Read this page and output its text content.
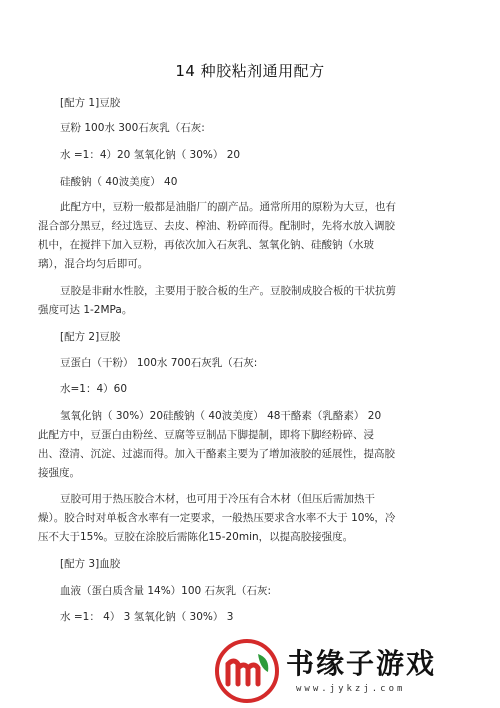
14 种胶粘剂通用配方
[配方 1]豆胶
豆粉 100水 300石灰乳（石灰:
水 =1：4）20 氢氧化钠（ 30%） 20
硅酸钠（ 40波美度） 40
此配方中，豆粉一般都是油脂厂的副产品。通常所用的原粉为大豆，也有
混合部分黑豆，经过选豆、去皮、榨油、粉碎而得。配制时，先将水放入调胶
机中，在搅拌下加入豆粉，再依次加入石灰乳、氢氧化钠、硅酸钠（水玻
璃），混合均匀后即可。
豆胶是非耐水性胶，主要用于胶合板的生产。豆胶制成胶合板的干状抗剪
强度可达 1-2MPa。
[配方 2]豆胶
豆蛋白（干粉） 100水 700石灰乳（石灰:
水=1：4）60
氢氧化钠（ 30%）20硅酸钠（ 40波美度） 48干酪素（乳酪素） 20
此配方中，豆蛋白由粉丝、豆腐等豆制品下脚提制，即将下脚经粉碎、浸
出、澄清、沉淀、过滤而得。加入干酪素主要为了增加液胶的延展性，提高胶
接强度。
豆胶可用于热压胶合木材，也可用于冷压有合木材（但压后需加热干
燥）。胶合时对单板含水率有一定要求，一般热压要求含水率不大于 10%，冷
压不大于15%。豆胶在涂胶后需陈化15-20min，以提高胶接强度。
[配方 3]血胶
血液（蛋白质含量 14%）100 石灰乳（石灰:
水 =1： 4） 3 氢氧化钠（ 30%） 3
书缘子游戏
www.jykzj.com
